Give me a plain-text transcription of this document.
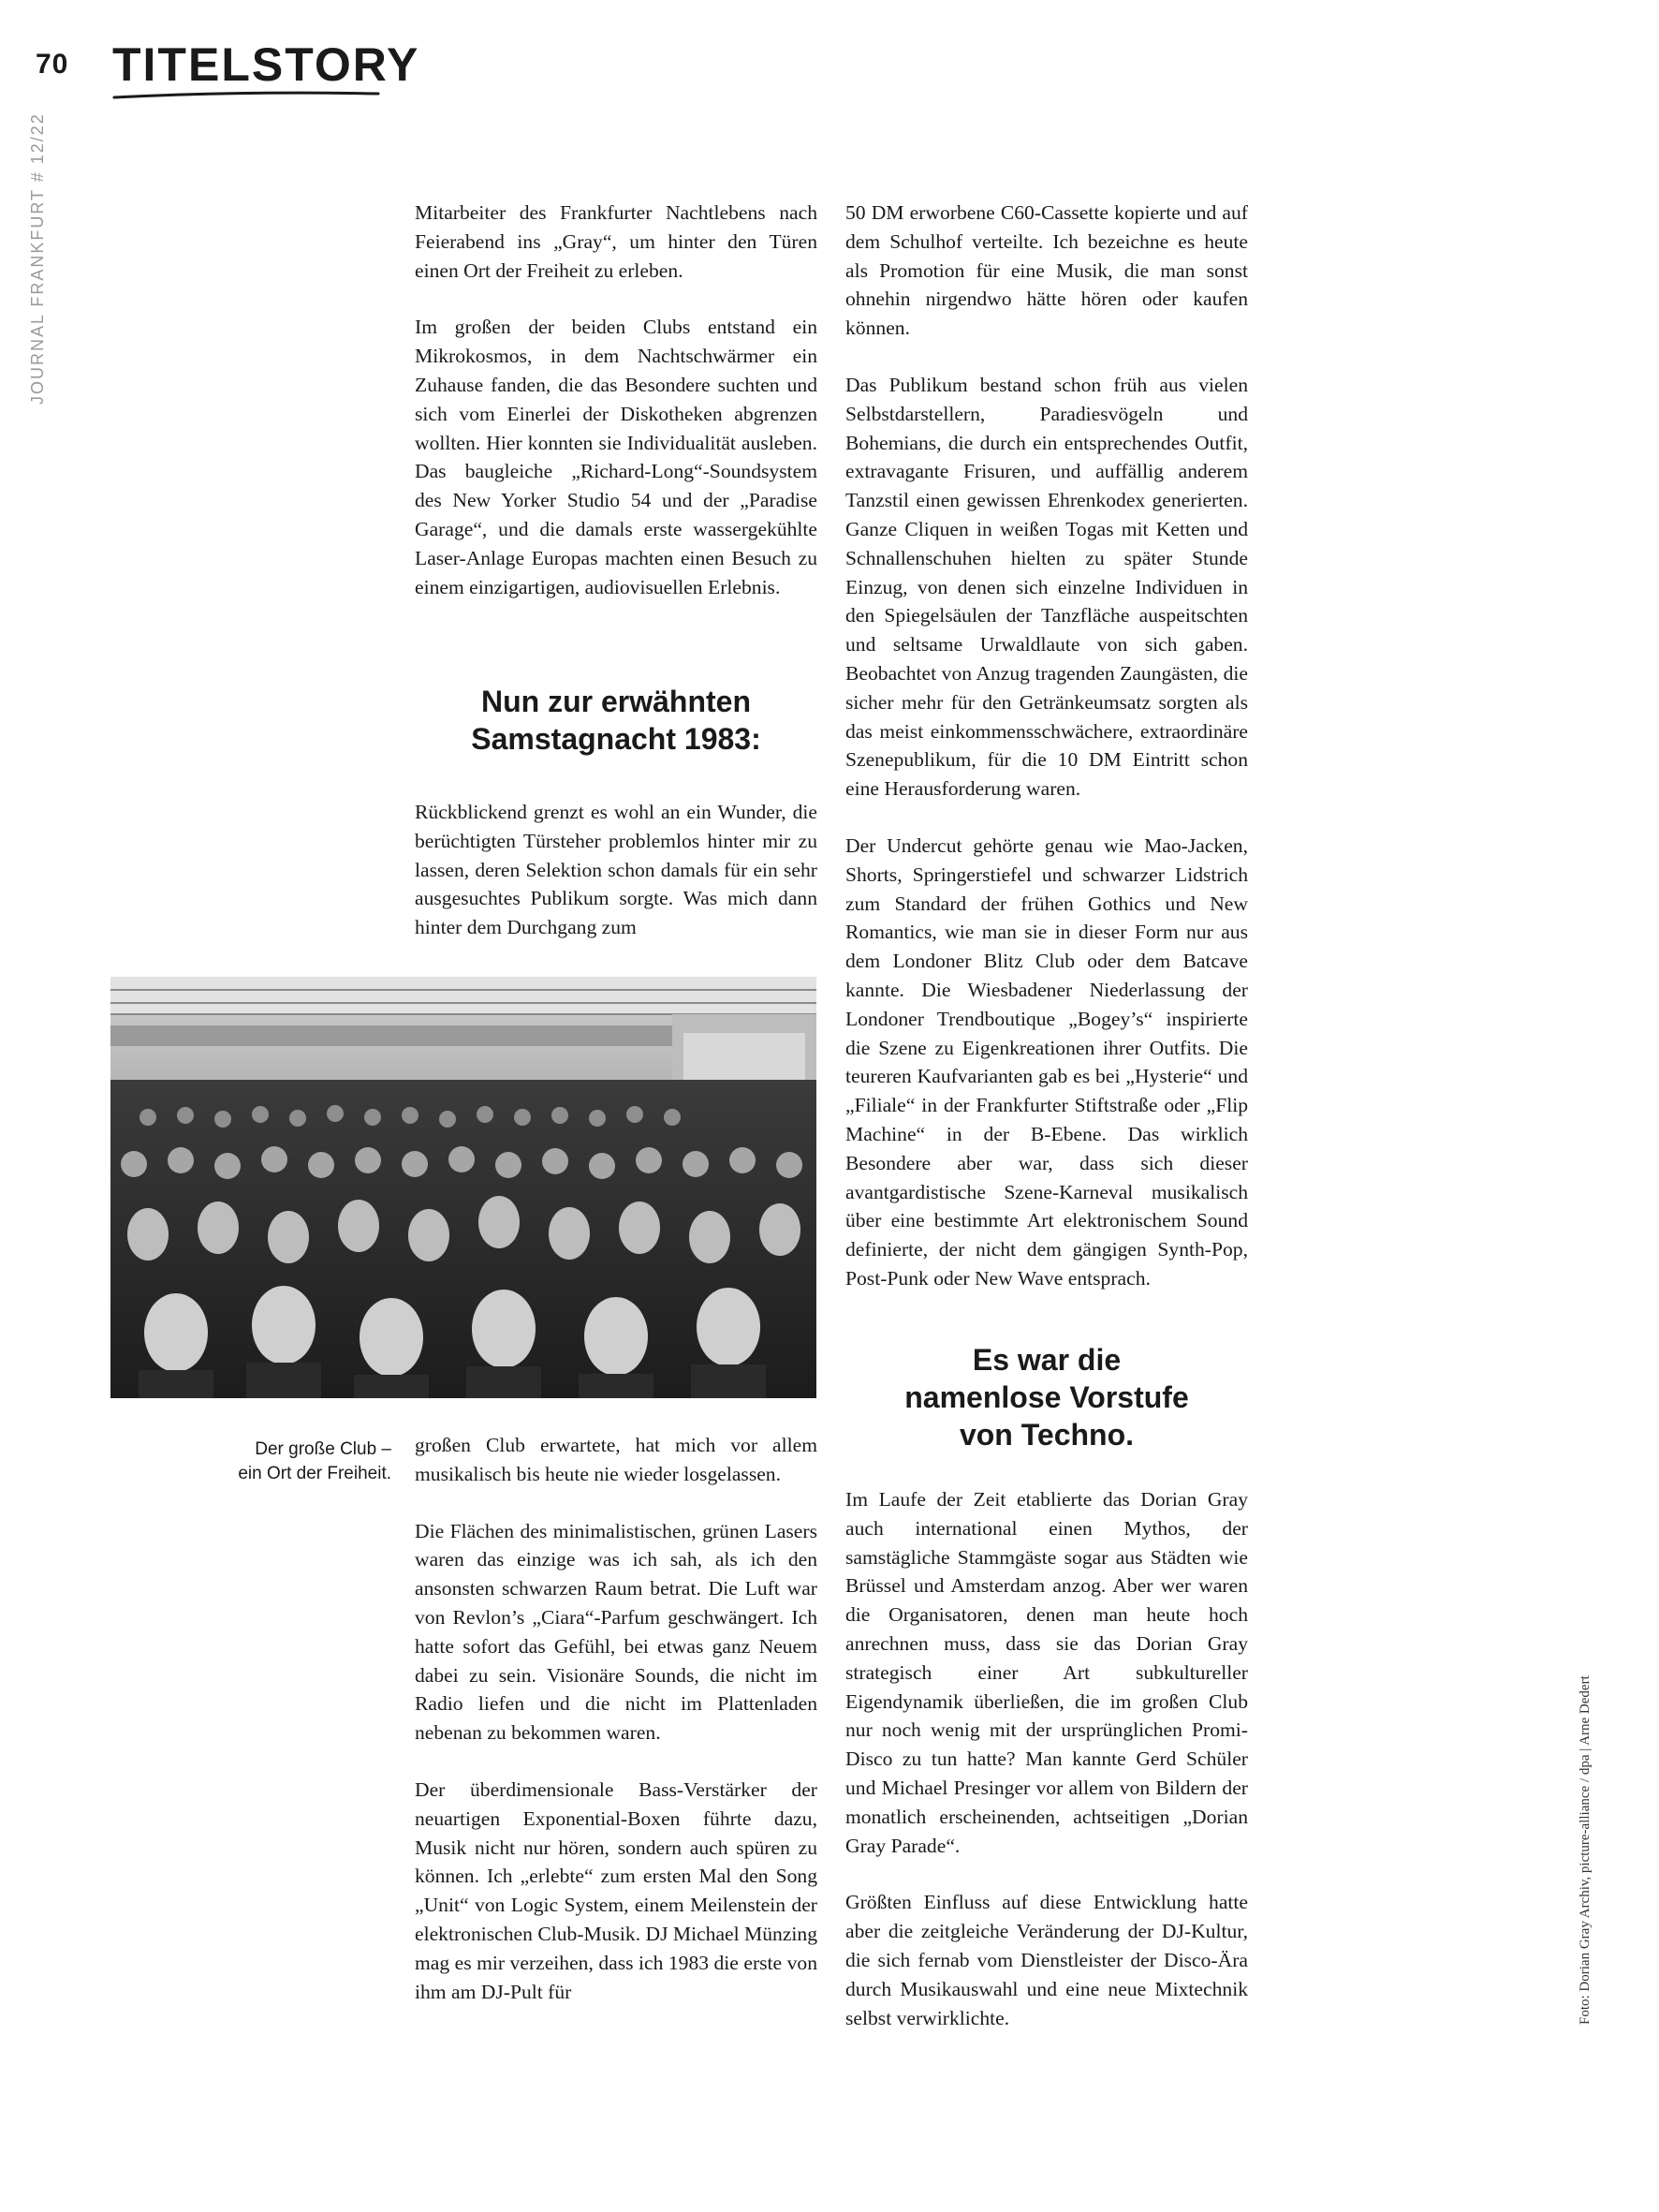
70 TITELSTORY
JOURNAL FRANKFURT # 12/22	Mitarbeiter des Frankfurter Nachtlebens nach Feierabend ins „Gray“, um hinter den Türen einen Ort der Freiheit zu erleben.

Im großen der beiden Clubs entstand ein Mikrokosmos, in dem Nachtschwärmer ein Zuhause fanden, die das Besondere suchten und sich vom Einerlei der Diskotheken abgrenzen wollten. Hier konnten sie Individualität ausleben. Das baugleiche „Richard-Long“-Soundsystem des New Yorker Studio 54 und der „Paradise Garage“, und die damals erste wassergekühlte Laser-Anlage Europas machten einen Besuch zu einem einzigartigen, audiovisuellen Erlebnis.

Nun zur erwähnten
Samstagnacht 1983:

Rückblickend grenzt es wohl an ein Wunder, die berüchtigten Türsteher problemlos hinter mir zu lassen, deren Selektion schon damals für ein sehr ausgesuchtes Publikum sorgte. Was mich dann hinter dem Durchgang zum

Der große Club –
ein Ort der Freiheit.

großen Club erwartete, hat mich vor allem musikalisch bis heute nie wieder losgelassen.

Die Flächen des minimalistischen, grünen Lasers waren das einzige was ich sah, als ich den ansonsten schwarzen Raum betrat. Die Luft war von Revlon’s „Ciara“-Parfum geschwängert. Ich hatte sofort das Gefühl, bei etwas ganz Neuem dabei zu sein. Visionäre Sounds, die nicht im Radio liefen und die nicht im Plattenladen nebenan zu bekommen waren.

Der überdimensionale Bass-Verstärker der neuartigen Exponential-Boxen führte dazu, Musik nicht nur hören, sondern auch spüren zu können. Ich „erlebte“ zum ersten Mal den Song „Unit“ von Logic System, einem Meilenstein der elektronischen Club-Musik. DJ Michael Münzing mag es mir verzeihen, dass ich 1983 die erste von ihm am DJ-Pult für

50 DM erworbene C60-Cassette kopierte und auf dem Schulhof verteilte. Ich bezeichne es heute als Promotion für eine Musik, die man sonst ohnehin nirgendwo hätte hören oder kaufen können.

Das Publikum bestand schon früh aus vielen Selbstdarstellern, Paradiesvögeln und Bohemians, die durch ein entsprechendes Outfit, extravagante Frisuren, und auffällig anderem Tanzstil einen gewissen Ehrenkodex generierten. Ganze Cliquen in weißen Togas mit Ketten und Schnallenschuhen hielten zu später Stunde Einzug, von denen sich einzelne Individuen in den Spiegelsäulen der Tanzfläche auspeitschten und seltsame Urwaldlaute von sich gaben. Beobachtet von Anzug tragenden Zaungästen, die sicher mehr für den Getränkeumsatz sorgten als das meist einkommensschwächere, extraordinäre Szenepublikum, für die 10 DM Eintritt schon eine Herausforderung waren.

Der Undercut gehörte genau wie Mao-Jacken, Shorts, Springerstiefel und schwarzer Lidstrich zum Standard der frühen Gothics und New Romantics, wie man sie in dieser Form nur aus dem Londoner Blitz Club oder dem Batcave kannte. Die Wiesbadener Niederlassung der Londoner Trendboutique „Bogey’s“ inspirierte die Szene zu Eigenkreationen ihrer Outfits. Die teureren Kaufvarianten gab es bei „Hysterie“ und „Filiale“ in der Frankfurter Stiftstraße oder „Flip Machine“ in der B-Ebene. Das wirklich Besondere aber war, dass sich dieser avantgardistische Szene-Karneval musikalisch über eine bestimmte Art elektronischem Sound definierte, der nicht dem gängigen Synth-Pop, Post-Punk oder New Wave entsprach.

Es war die
namenlose Vorstufe
von Techno.

Im Laufe der Zeit etablierte das Dorian Gray auch international einen Mythos, der samstägliche Stammgäste sogar aus Städten wie Brüssel und Amsterdam anzog. Aber wer waren die Organisatoren, denen man heute hoch anrechnen muss, dass sie das Dorian Gray strategisch einer Art subkultureller Eigendynamik überließen, die im großen Club nur noch wenig mit der ursprünglichen Promi-Disco zu tun hatte? Man kannte Gerd Schüler und Michael Presinger vor allem von Bildern der monatlich erscheinenden, achtseitigen „Dorian Gray Parade“.

Größten Einfluss auf diese Entwicklung hatte aber die zeitgleiche Veränderung der DJ-Kultur, die sich fernab vom Dienstleister der Disco-Ära durch Musikauswahl und eine neue Mixtechnik selbst verwirklichte.	Foto: Dorian Gray Archiv, picture-alliance / dpa | Arne Dedert
